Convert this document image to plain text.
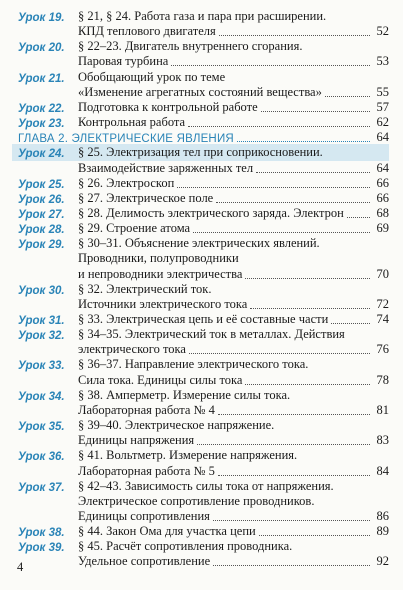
Урок 19.	§ 21, § 24. Работа газа и пара при расширении.
КПД теплового двигателя	52
Урок 20.	§ 22–23. Двигатель внутреннего сгорания.
Паровая турбина	53
Урок 21.	Обобщающий урок по теме
«Изменение агрегатных состояний вещества»	55
Урок 22.	Подготовка к контрольной работе	57
Урок 23.	Контрольная работа	62
ГЛАВА 2. ЭЛЕКТРИЧЕСКИЕ ЯВЛЕНИЯ	64
Урок 24.	§ 25. Электризация тел при соприкосновении.
Взаимодействие заряженных тел	64
Урок 25.	§ 26. Электроскоп	66
Урок 26.	§ 27. Электрическое поле	66
Урок 27.	§ 28. Делимость электрического заряда. Электрон	68
Урок 28.	§ 29. Строение атома	69
Урок 29.	§ 30–31. Объяснение электрических явлений.
Проводники, полупроводники
и непроводники электричества	70
Урок 30.	§ 32. Электрический ток.
Источники электрического тока	72
Урок 31.	§ 33. Электрическая цепь и её составные части	74
Урок 32.	§ 34–35. Электрический ток в металлах. Действия
электрического тока	76
Урок 33.	§ 36–37. Направление электрического тока.
Сила тока. Единицы силы тока	78
Урок 34.	§ 38. Амперметр. Измерение силы тока.
Лабораторная работа № 4	81
Урок 35.	§ 39–40. Электрическое напряжение.
Единицы напряжения	83
Урок 36.	§ 41. Вольтметр. Измерение напряжения.
Лабораторная работа № 5	84
Урок 37.	§ 42–43. Зависимость силы тока от напряжения.
Электрическое сопротивление проводников.
Единицы сопротивления	86
Урок 38.	§ 44. Закон Ома для участка цепи	89
Урок 39.	§ 45. Расчёт сопротивления проводника.
Удельное сопротивление	92
4
